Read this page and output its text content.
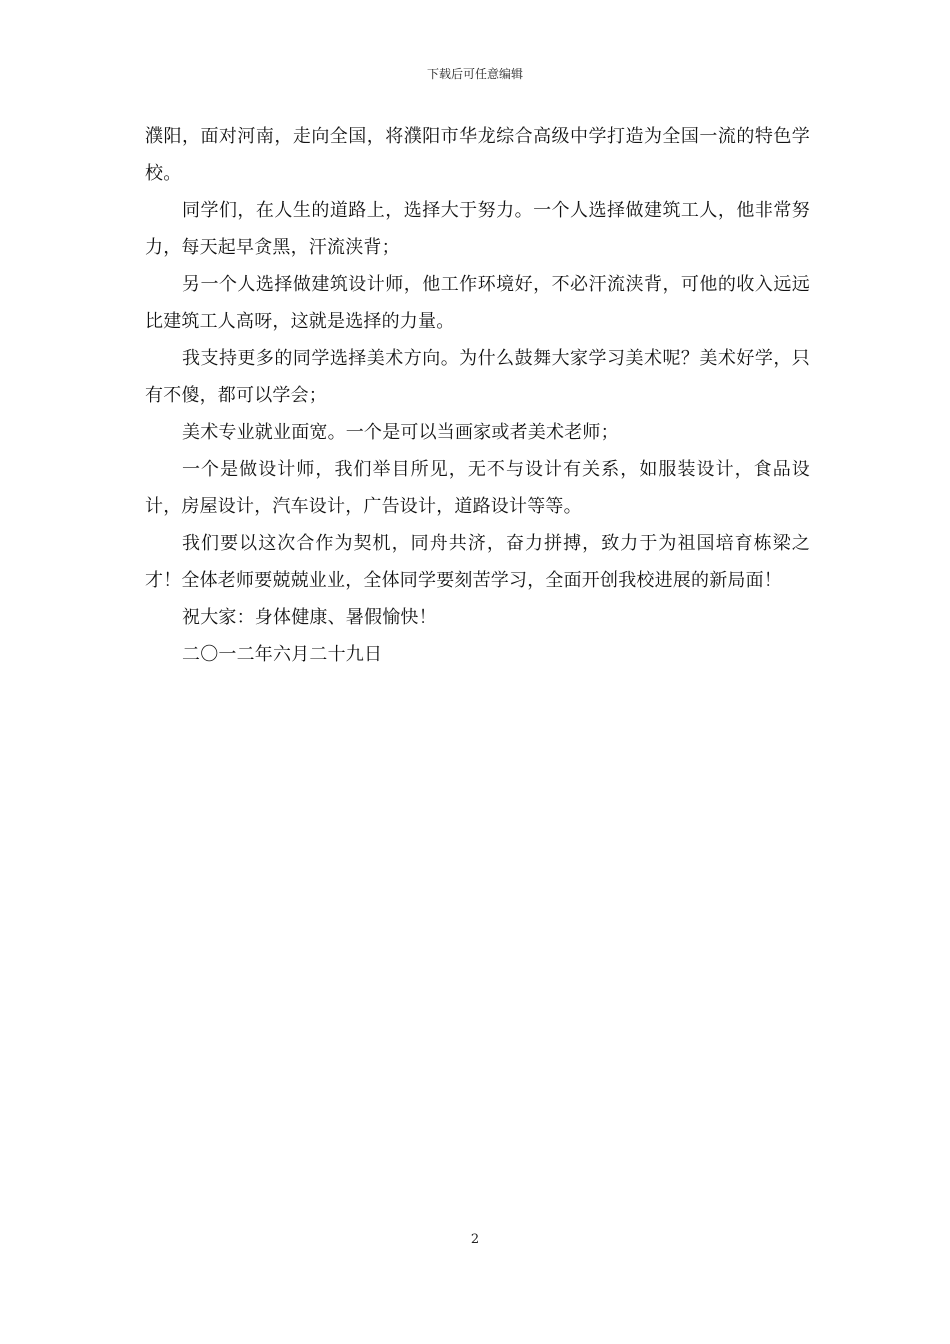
下载后可任意编辑

濮阳，面对河南，走向全国，将濮阳市华龙综合高级中学打造为全国一流的特色学校。

同学们，在人生的道路上，选择大于努力。一个人选择做建筑工人，他非常努力，每天起早贪黑，汗流浃背；

另一个人选择做建筑设计师，他工作环境好，不必汗流浃背，可他的收入远远比建筑工人高呀，这就是选择的力量。

我支持更多的同学选择美术方向。为什么鼓舞大家学习美术呢？美术好学，只有不傻，都可以学会；

美术专业就业面宽。一个是可以当画家或者美术老师；

一个是做设计师，我们举目所见，无不与设计有关系，如服装设计，食品设计，房屋设计，汽车设计，广告设计，道路设计等等。

我们要以这次合作为契机，同舟共济，奋力拼搏，致力于为祖国培育栋梁之才！全体老师要兢兢业业，全体同学要刻苦学习，全面开创我校进展的新局面！

祝大家：身体健康、暑假愉快！

二〇一二年六月二十九日

2
